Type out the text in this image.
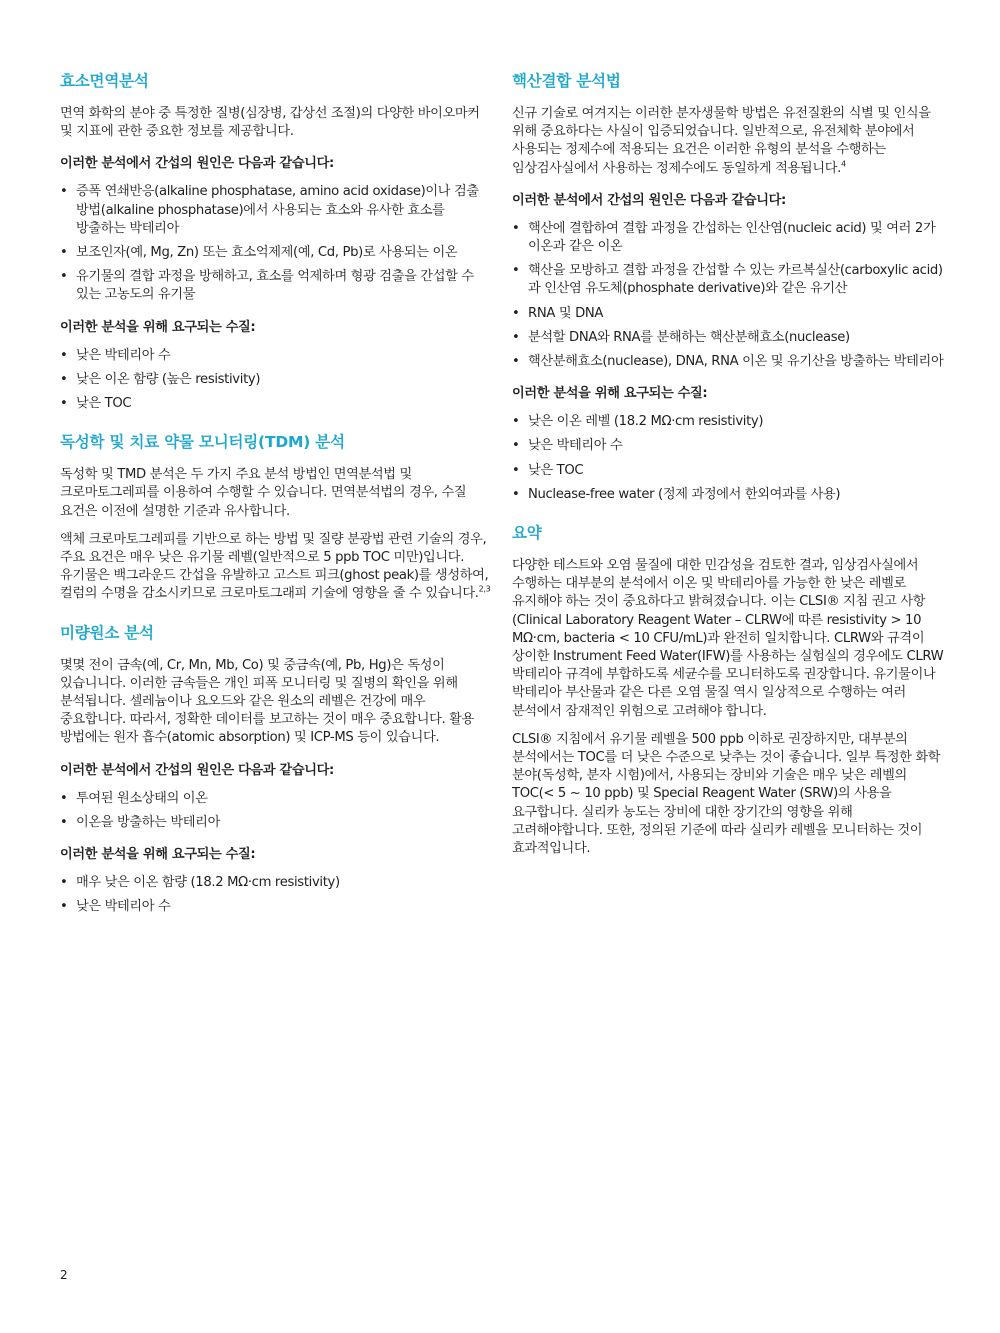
효소면역분석

면역 화학의 분야 중 특정한 질병(심장병, 갑상선 조절)의 다양한 바이오마커 및 지표에 관한 중요한 정보를 제공합니다.

이러한 분석에서 간섭의 원인은 다음과 같습니다:
• 증폭 연쇄반응(alkaline phosphatase, amino acid oxidase)이나 검출 방법(alkaline phosphatase)에서 사용되는 효소와 유사한 효소를 방출하는 박테리아
• 보조인자(예, Mg, Zn) 또는 효소억제제(예, Cd, Pb)로 사용되는 이온
• 유기물의 결합 과정을 방해하고, 효소를 억제하며 형광 검출을 간섭할 수 있는 고농도의 유기물
이러한 분석을 위해 요구되는 수질:
• 낮은 박테리아 수
• 낮은 이온 함량 (높은 resistivity)
• 낮은 TOC
독성학 및 치료 약물 모니터링(TDM) 분석

독성학 및 TMD 분석은 두 가지 주요 분석 방법인 면역분석법 및 크로마토그레피를 이용하여 수행할 수 있습니다. 면역분석법의 경우, 수질 요건은 이전에 설명한 기준과 유사합니다.

액체 크로마토그레피를 기반으로 하는 방법 및 질량 분광법 관련 기술의 경우, 주요 요건은 매우 낮은 유기물 레벨(일반적으로 5 ppb TOC 미만)입니다. 유기물은 백그라운드 간섭을 유발하고 고스트 피크(ghost peak)를 생성하여, 컬럼의 수명을 감소시키므로 크로마토그래피 기술에 영향을 줄 수 있습니다.$^{2,3}$

미량원소 분석

몇몇 전이 금속(예, Cr, Mn, Mb, Co) 및 중금속(예, Pb, Hg)은 독성이 있습니니다. 이러한 금속들은 개인 피폭 모니터링 및 질병의 확인을 위해 분석됩니다. 셀레늄이나 요오드와 같은 원소의 레벨은 건강에 매우 중요합니다. 따라서, 정확한 데이터를 보고하는 것이 매우 중요합니다. 활용 방법에는 원자 흡수(atomic absorption) 및 ICP-MS 등이 있습니다.

이러한 분석에서 간섭의 원인은 다음과 같습니다:
• 투여된 원소상태의 이온
• 이온을 방출하는 박테리아
이러한 분석을 위해 요구되는 수질:
• 매우 낮은 이온 함량 (18.2 MΩ·cm resistivity)
• 낮은 박테리아 수
핵산결합 분석법

신규 기술로 여겨지는 이러한 분자생물학 방법은 유전질환의 식별 및 인식을 위해 중요하다는 사실이 입증되었습니다. 일반적으로, 유전체학 분야에서 사용되는 정제수에 적용되는 요건은 이러한 유형의 분석을 수행하는 임상검사실에서 사용하는 정제수에도 동일하게 적용됩니다.$^4$

이러한 분석에서 간섭의 원인은 다음과 같습니다:
• 핵산에 결합하여 결합 과정을 간섭하는 인산염(nucleic acid) 및 여러 2가 이온과 같은 이온
• 핵산을 모방하고 결합 과정을 간섭할 수 있는 카르복실산(carboxylic acid)과 인산염 유도체(phosphate derivative)와 같은 유기산
• RNA 및 DNA
• 분석할 DNA와 RNA를 분해하는 핵산분해효소(nuclease)
• 핵산분해효소(nuclease), DNA, RNA 이온 및 유기산을 방출하는 박테리아
이러한 분석을 위해 요구되는 수질:
• 낮은 이온 레벨 (18.2 MΩ·cm resistivity)
• 낮은 박테리아 수
• 낮은 TOC
• Nuclease-free water (정제 과정에서 한외여과를 사용)
요약

다양한 테스트와 오염 물질에 대한 민감성을 검토한 결과, 임상검사실에서 수행하는 대부분의 분석에서 이온 및 박테리아를 가능한 한 낮은 레벨로 유지해야 하는 것이 중요하다고 밝혀졌습니다. 이는 CLSI® 지침 권고 사항(Clinical Laboratory Reagent Water – CLRW에 따른 resistivity > 10 MΩ·cm, bacteria < 10 CFU/mL)과 완전히 일치합니다. CLRW와 규격이 상이한 Instrument Feed Water(IFW)를 사용하는 실험실의 경우에도 CLRW 박테리아 규격에 부합하도록 세균수를 모니터하도록 권장합니다. 유기물이나 박테리아 부산물과 같은 다른 오염 물질 역시 일상적으로 수행하는 여러 분석에서 잠재적인 위험으로 고려해야 합니다.

CLSI® 지침에서 유기물 레벨을 500 ppb 이하로 권장하지만, 대부분의 분석에서는 TOC를 더 낮은 수준으로 낮추는 것이 좋습니다. 일부 특정한 화학 분야(독성학, 분자 시험)에서, 사용되는 장비와 기술은 매우 낮은 레벨의 TOC(< 5 ~ 10 ppb) 및 Special Reagent Water (SRW)의 사용을 요구합니다. 실리카 농도는 장비에 대한 장기간의 영향을 위해 고려해야합니다. 또한, 정의된 기준에 따라 실리카 레벨을 모니터하는 것이 효과적입니다.

2
